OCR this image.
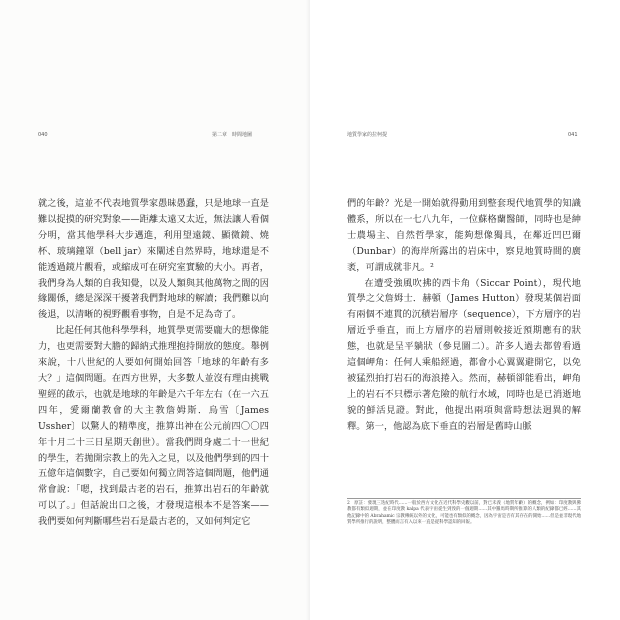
040	第二章　時間地圖

就之後，這並不代表地質學家愚昧愚蠢，只是地球一直是難以捉摸的研究對象——距離太遠又太近，無法讓人看個分明，當其他學科大步邁進，利用望遠鏡、顯微鏡、燒杯、玻璃鐘罩（bell jar）來闡述自然界時，地球還是不能透過鏡片觀看，或縮成可在研究室實驗的大小。再者，我們身為人類的自我知覺，以及人類與其他萬物之間的因緣關係，總是深深干擾著我們對地球的解讀；我們難以向後退，以清晰的視野觀看事物，自是不足為奇了。

比起任何其他科學學科，地質學更需要龐大的想像能力，也更需要對大膽的歸納式推理抱持開放的態度。舉例來說，十八世紀的人要如何開始回答「地球的年齡有多大？」這個問題。在西方世界，大多數人並沒有理由挑戰聖經的啟示，也就是地球的年齡是六千年左右（在一六五四年，愛爾蘭教會的大主教詹姆斯．烏雪〔James Ussher〕以驚人的精準度，推算出神在公元前四〇〇四年十月二十三日星期天創世）。當我們問身處二十一世紀的學生，若拋開宗教上的先入之見，以及他們學到的四十五億年這個數字，自己要如何獨立問答這個問題，他們通常會說：「嗯，找到最古老的岩石，推算出岩石的年齡就可以了。」但話說出口之後，才發現這根本不是答案——我們要如何判斷哪些岩石是最古老的，又如何判定它

地質學家的拉柯提	041

們的年齡？光是一開始就得動用到整套現代地質學的知識體系，所以在一七八九年，一位蘇格蘭醫師，同時也是紳士農場主、自然哲學家，能夠想像獨具，在鄰近凹巴爾（Dunbar）的海岸所露出的岩床中，察見地質時間的廣袤，可謂成就非凡。²

在遭受強風吹拂的西卡角（Siccar Point），現代地質學之父詹姆士．赫頓（James Hutton）發現某個岩面有兩個不連貫的沉積岩層序（sequence），下方層序的岩層近乎垂直，而上方層序的岩層則較接近預期應有的狀態，也就是呈平躺狀（參見圖二）。許多人過去都曾看過這個岬角：任何人乘船經過，都會小心翼翼避開它，以免被猛烈拍打岩石的海浪捲入。然而，赫頓卻能看出，岬角上的岩石不只標示著危險的航行水域，同時也是已消逝地貌的鮮活見證。對此，他提出兩項與當時想法迥異的解釋。第一，他認為底下垂直的岩層是舊時山脈

2　原註：發現三迭紀時代……一般於西方文化在近代科學史觀以前，對已未義（地質年齡）的概念，例如：印度教與佛教都有類似週期，並在印度教 kalpa 代表宇宙從生到毀的一個週期……其中羅馬時期所推算的人類的紀錄都已經……其他記錄中的 Abrahamic 宗教傳統以外的文化，可能也有類似的概念，因為宇宙是否有其存在的開始……但是並非現代地質學所推行的說明，整體而言有入以來一直是從科學認知的回報。
